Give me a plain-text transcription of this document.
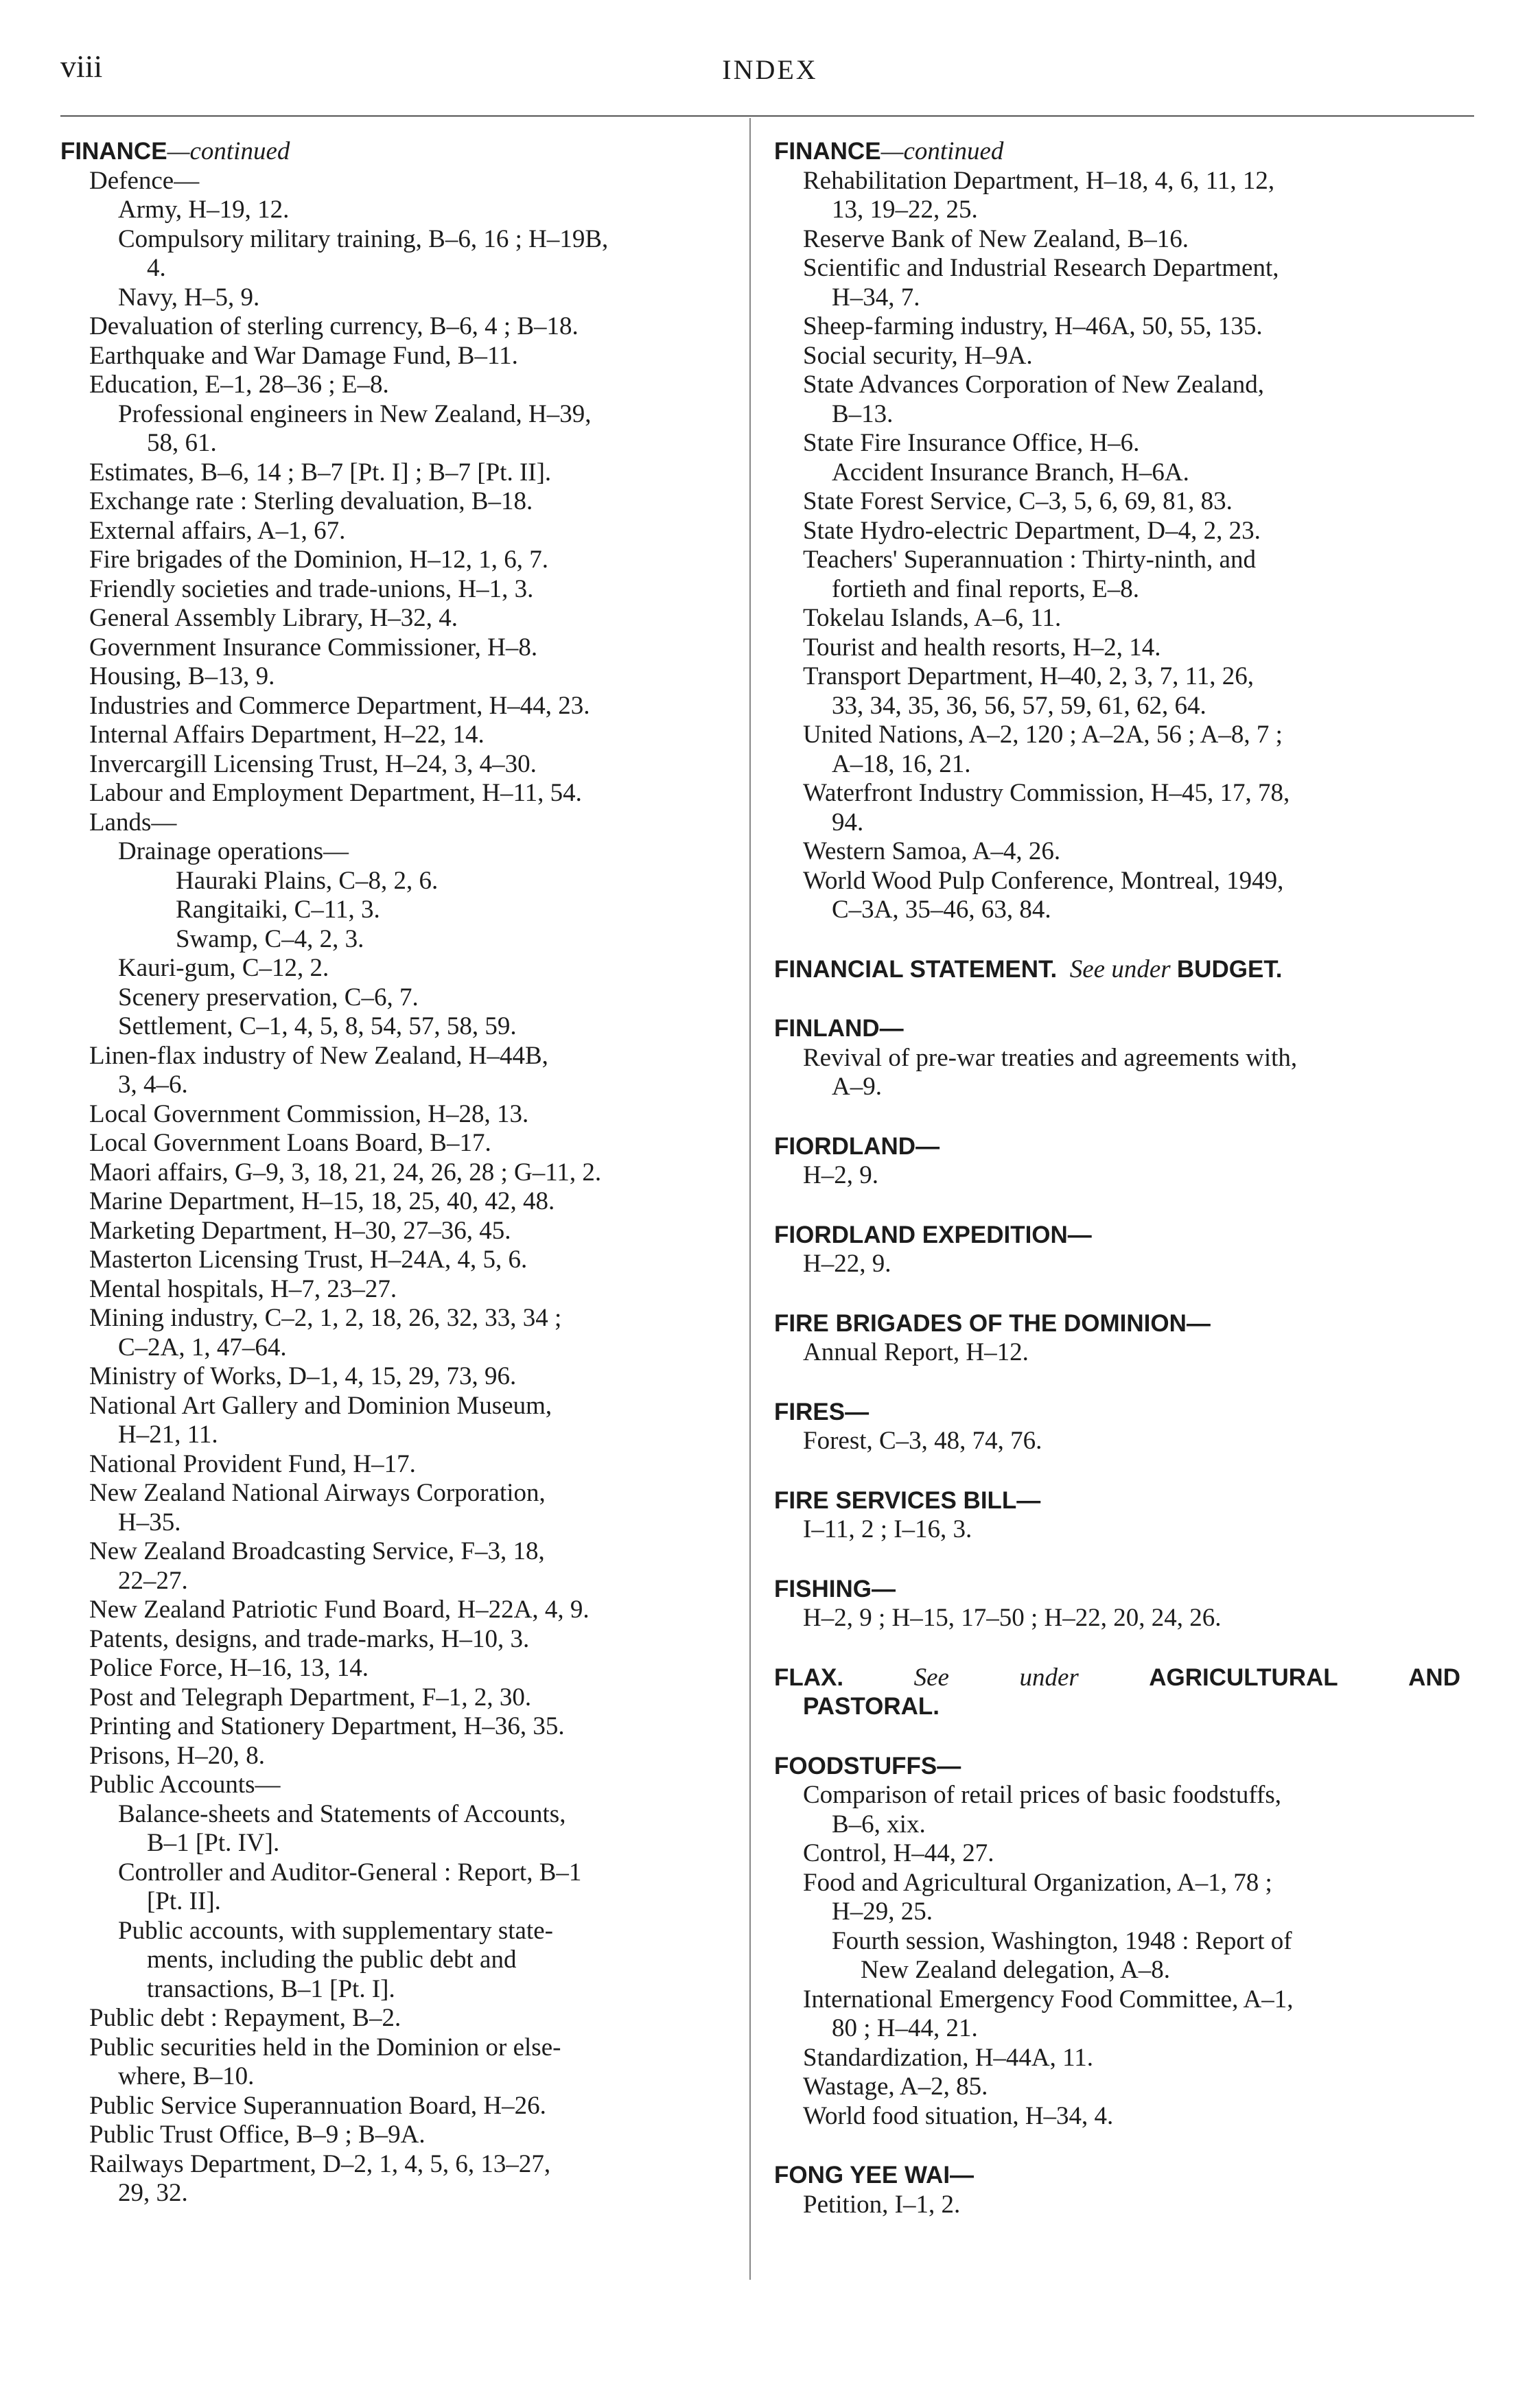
viii	INDEX
FINANCE—continued
Defence—
Army, H–19, 12.
Compulsory military training, B–6, 16 ; H–19B,
4.
Navy, H–5, 9.
Devaluation of sterling currency, B–6, 4 ; B–18.
Earthquake and War Damage Fund, B–11.
Education, E–1, 28–36 ; E–8.
Professional engineers in New Zealand, H–39,
58, 61.
Estimates, B–6, 14 ; B–7 [Pt. I] ; B–7 [Pt. II].
Exchange rate : Sterling devaluation, B–18.
External affairs, A–1, 67.
Fire brigades of the Dominion, H–12, 1, 6, 7.
Friendly societies and trade-unions, H–1, 3.
General Assembly Library, H–32, 4.
Government Insurance Commissioner, H–8.
Housing, B–13, 9.
Industries and Commerce Department, H–44, 23.
Internal Affairs Department, H–22, 14.
Invercargill Licensing Trust, H–24, 3, 4–30.
Labour and Employment Department, H–11, 54.
Lands—
Drainage operations—
Hauraki Plains, C–8, 2, 6.
Rangitaiki, C–11, 3.
Swamp, C–4, 2, 3.
Kauri-gum, C–12, 2.
Scenery preservation, C–6, 7.
Settlement, C–1, 4, 5, 8, 54, 57, 58, 59.
Linen-flax industry of New Zealand, H–44B,
3, 4–6.
Local Government Commission, H–28, 13.
Local Government Loans Board, B–17.
Maori affairs, G–9, 3, 18, 21, 24, 26, 28 ; G–11, 2.
Marine Department, H–15, 18, 25, 40, 42, 48.
Marketing Department, H–30, 27–36, 45.
Masterton Licensing Trust, H–24A, 4, 5, 6.
Mental hospitals, H–7, 23–27.
Mining industry, C–2, 1, 2, 18, 26, 32, 33, 34 ;
C–2A, 1, 47–64.
Ministry of Works, D–1, 4, 15, 29, 73, 96.
National Art Gallery and Dominion Museum,
H–21, 11.
National Provident Fund, H–17.
New Zealand National Airways Corporation,
H–35.
New Zealand Broadcasting Service, F–3, 18,
22–27.
New Zealand Patriotic Fund Board, H–22A, 4, 9.
Patents, designs, and trade-marks, H–10, 3.
Police Force, H–16, 13, 14.
Post and Telegraph Department, F–1, 2, 30.
Printing and Stationery Department, H–36, 35.
Prisons, H–20, 8.
Public Accounts—
Balance-sheets and Statements of Accounts,
B–1 [Pt. IV].
Controller and Auditor-General : Report, B–1
[Pt. II].
Public accounts, with supplementary state-
ments, including the public debt and
transactions, B–1 [Pt. I].
Public debt : Repayment, B–2.
Public securities held in the Dominion or else-
where, B–10.
Public Service Superannuation Board, H–26.
Public Trust Office, B–9 ; B–9A.
Railways Department, D–2, 1, 4, 5, 6, 13–27,
29, 32.
FINANCE—continued
Rehabilitation Department, H–18, 4, 6, 11, 12,
13, 19–22, 25.
Reserve Bank of New Zealand, B–16.
Scientific and Industrial Research Department,
H–34, 7.
Sheep-farming industry, H–46A, 50, 55, 135.
Social security, H–9A.
State Advances Corporation of New Zealand,
B–13.
State Fire Insurance Office, H–6.
Accident Insurance Branch, H–6A.
State Forest Service, C–3, 5, 6, 69, 81, 83.
State Hydro-electric Department, D–4, 2, 23.
Teachers' Superannuation : Thirty-ninth, and
fortieth and final reports, E–8.
Tokelau Islands, A–6, 11.
Tourist and health resorts, H–2, 14.
Transport Department, H–40, 2, 3, 7, 11, 26,
33, 34, 35, 36, 56, 57, 59, 61, 62, 64.
United Nations, A–2, 120 ; A–2A, 56 ; A–8, 7 ;
A–18, 16, 21.
Waterfront Industry Commission, H–45, 17, 78,
94.
Western Samoa, A–4, 26.
World Wood Pulp Conference, Montreal, 1949,
C–3A, 35–46, 63, 84.
FINANCIAL STATEMENT. See under BUDGET.
FINLAND—
Revival of pre-war treaties and agreements with,
A–9.
FIORDLAND—
H–2, 9.
FIORDLAND EXPEDITION—
H–22, 9.
FIRE BRIGADES OF THE DOMINION—
Annual Report, H–12.
FIRES—
Forest, C–3, 48, 74, 76.
FIRE SERVICES BILL—
I–11, 2 ; I–16, 3.
FISHING—
H–2, 9 ; H–15, 17–50 ; H–22, 20, 24, 26.
FLAX.	See	under	AGRICULTURAL	AND
PASTORAL.
FOODSTUFFS—
Comparison of retail prices of basic foodstuffs,
B–6, xix.
Control, H–44, 27.
Food and Agricultural Organization, A–1, 78 ;
H–29, 25.
Fourth session, Washington, 1948 : Report of
New Zealand delegation, A–8.
International Emergency Food Committee, A–1,
80 ; H–44, 21.
Standardization, H–44A, 11.
Wastage, A–2, 85.
World food situation, H–34, 4.
FONG YEE WAI—
Petition, I–1, 2.
